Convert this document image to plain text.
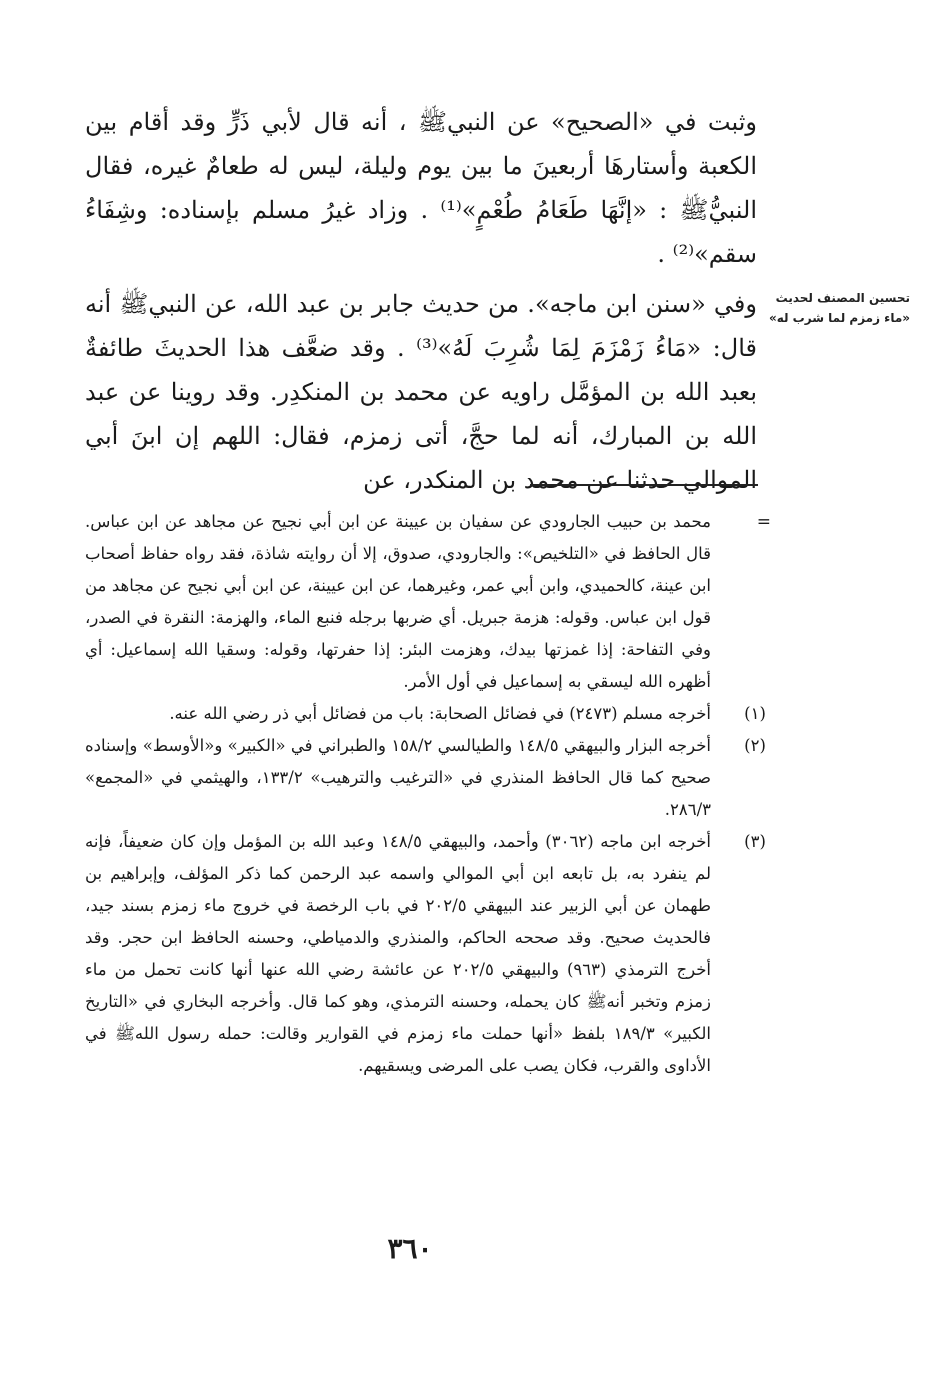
وثبت في «الصحيح» عن النبيﷺ ، أنه قال لأبي ذَرٍّ وقد أقام بين الكعبة وأستارهَا أربعينَ ما بين يوم وليلة، ليس له طعامٌ غيره، فقال النبيُّﷺ : «إنَّهَا طَعَامُ طُعْمٍ»⁽¹⁾ . وزاد غيرُ مسلم بإسناده: وشِفَاءُ سقم»⁽²⁾ .

تحسين المصنف لحديث
«ماء زمزم لما شرب له»

وفي «سنن ابن ماجه». من حديث جابر بن عبد الله، عن النبيﷺ أنه قال: «مَاءُ زَمْزَمَ لِمَا شُرِبَ لَهُ»⁽³⁾ . وقد ضعَّف هذا الحديثَ طائفةٌ بعبد الله بن المؤمَّل راويه عن محمد بن المنكدِر. وقد روينا عن عبد الله بن المبارك، أنه لما حجَّ، أتى زمزم، فقال: اللهم إن ابنَ أبي الموالي حدثنا عن محمد بن المنكدر، عن

=
محمد بن حبيب الجارودي عن سفيان بن عيينة عن ابن أبي نجيح عن مجاهد عن ابن عباس. قال الحافظ في «التلخيص»: والجارودي، صدوق، إلا أن روايته شاذة، فقد رواه حفاظ أصحاب ابن عينة، كالحميدي، وابن أبي عمر، وغيرهما، عن ابن عيينة، عن ابن أبي نجيح عن مجاهد من قول ابن عباس. وقوله: هزمة جبريل. أي ضربها برجله فنبع الماء، والهزمة: النقرة في الصدر، وفي التفاحة: إذا غمزتها بيدك، وهزمت البئر: إذا حفرتها، وقوله: وسقيا الله إسماعيل: أي أظهره الله ليسقي به إسماعيل في أول الأمر.
(١)
أخرجه مسلم (٢٤٧٣) في فضائل الصحابة: باب من فضائل أبي ذر رضي الله عنه.
(٢)
أخرجه البزار والبيهقي ١٤٨/٥ والطيالسي ١٥٨/٢ والطبراني في «الكبير» و«الأوسط» وإسناده صحيح كما قال الحافظ المنذري في «الترغيب والترهيب» ١٣٣/٢، والهيثمي في «المجمع» ٢٨٦/٣.
(٣)
أخرجه ابن ماجه (٣٠٦٢) وأحمد، والبيهقي ١٤٨/٥ وعبد الله بن المؤمل وإن كان ضعيفاً، فإنه لم ينفرد به، بل تابعه ابن أبي الموالي واسمه عبد الرحمن كما ذكر المؤلف، وإبراهيم بن طهمان عن أبي الزبير عند البيهقي ٢٠٢/٥ في باب الرخصة في خروج ماء زمزم بسند جيد، فالحديث صحيح. وقد صححه الحاكم، والمنذري والدمياطي، وحسنه الحافظ ابن حجر. وقد أخرج الترمذي (٩٦٣) والبيهقي ٢٠٢/٥ عن عائشة رضي الله عنها أنها كانت تحمل من ماء زمزم وتخبر أنهﷺ كان يحمله، وحسنه الترمذي، وهو كما قال. وأخرجه البخاري في «التاريخ الكبير» ١٨٩/٣ بلفظ «أنها حملت ماء زمزم في القوارير وقالت: حمله رسول اللهﷺ في الأداوى والقرب، فكان يصب على المرضى ويسقيهم.
٣٦٠
